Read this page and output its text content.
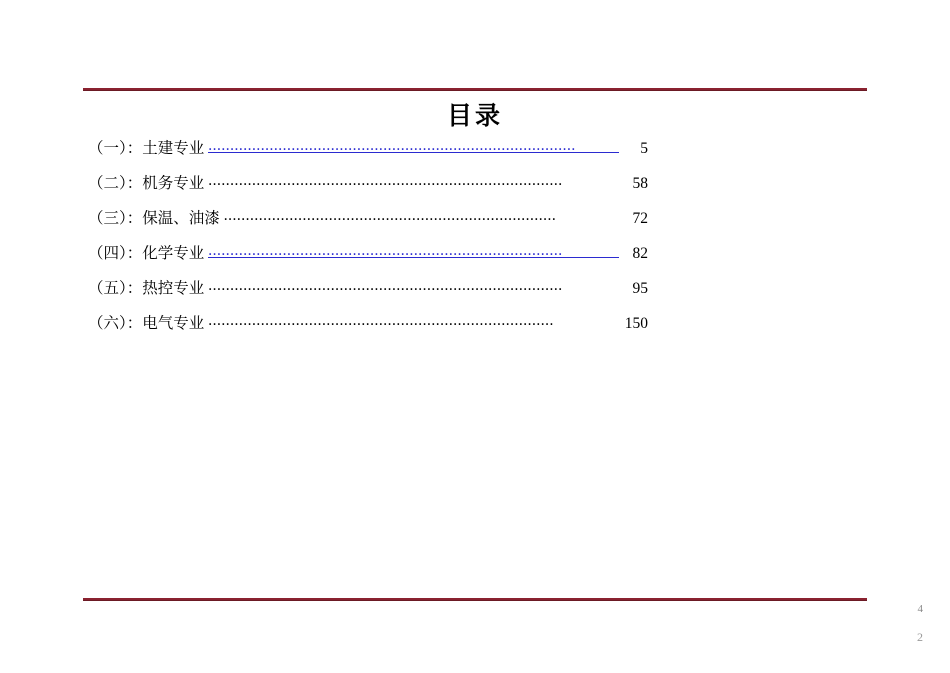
目录
（一）：土建专业 ....................................................................................	5
（二）：机务专业 .................................................................................	58
（三）：保温、油漆 ............................................................................	72
（四）：化学专业 .................................................................................	82
（五）：热控专业 .................................................................................	95
（六）：电气专业 ...............................................................................	150
4
2
